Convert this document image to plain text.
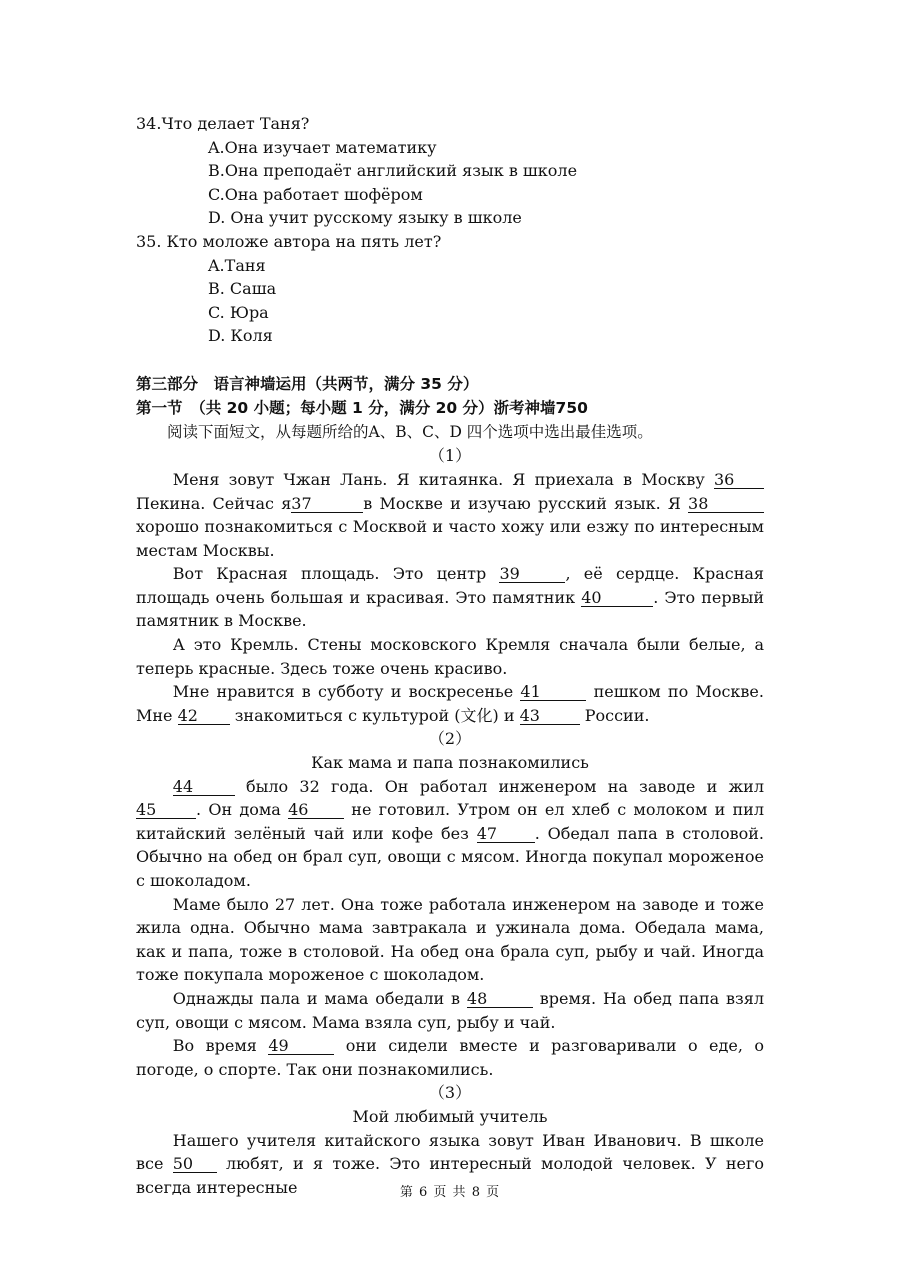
34.Что делает Таня?
A.Она изучает математику
B.Она преподаёт английский язык в школе
C.Она работает шофёром
D. Она учит русскому языку в школе
35. Кто моложе автора на пять лет?
A.Таня
B. Саша
C. Юра
D. Коля
第三部分　语言神墙运用（共两节，满分 35 分）
第一节　（共 20 小题；每小题 1 分，满分 20 分）浙考神墙750
阅读下面短文，从每题所给的A、B、C、D 四个选项中选出最佳选项。
（1）

Меня зовут Чжан Лань. Я китаянка. Я приехала в Москву 36 Пекина. Сейчас я37	в Москве и изучаю русский язык. Я 38 хорошо познакомиться с Москвой и часто хожу или езжу по интересным местам Москвы.

Вот Красная площадь. Это центр 39	, её сердце. Красная площадь очень большая и красивая. Это памятник 40	. Это первый памятник в Москве.

А это Кремль. Стены московского Кремля сначала были белые, а теперь красные. Здесь тоже очень красиво.

Мне нравится в субботу и воскресенье 41	пешком по Москве. Мне 42 знакомиться с культурой (文化) и 43 России.

（2）
Как мама и папа познакомились

44	было 32 года. Он работал инженером на заводе и жил 45 . Он дома 46 не готовил. Утром он ел хлеб с молоком и пил китайский зелёный чай или кофе без 47 . Обедал папа в столовой. Обычно на обед он брал суп, овощи с мясом. Иногда покупал мороженое с шоколадом.

Маме было 27 лет. Она тоже работала инженером на заводе и тоже жила одна. Обычно мама завтракала и ужинала дома. Обедала мама, как и папа, тоже в столовой. На обед она брала суп, рыбу и чай. Иногда тоже покупала мороженое с шоколадом.

Однажды пала и мама обедали в 48	время. На обед папа взял суп, овощи с мясом. Мама взяла суп, рыбу и чай.

Во время 49	они сидели вместе и разговаривали о еде, о погоде, о спорте. Так они познакомились.

（3）
Мой любимый учитель

Нашего учителя китайского языка зовут Иван Иванович. В школе все 50 любят, и я тоже. Это интересный молодой человек. У него всегда интересные	第 6 页 共 8 页
